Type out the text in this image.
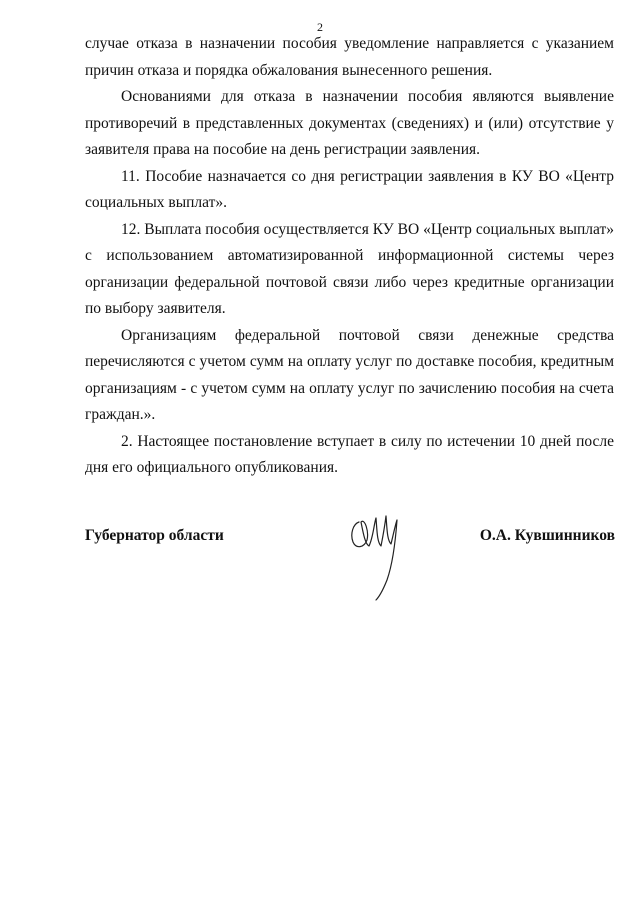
2

случае отказа в назначении пособия уведомление направляется с указанием причин отказа и порядка обжалования вынесенного решения.

Основаниями для отказа в назначении пособия являются выявление противоречий в представленных документах (сведениях) и (или) отсутствие у заявителя права на пособие на день регистрации заявления.

11. Пособие назначается со дня регистрации заявления в КУ ВО «Центр социальных выплат».

12. Выплата пособия осуществляется КУ ВО «Центр социальных выплат» с использованием автоматизированной информационной системы через организации федеральной почтовой связи либо через кредитные организации по выбору заявителя.

Организациям федеральной почтовой связи денежные средства перечисляются с учетом сумм на оплату услуг по доставке пособия, кредитным организациям - с учетом сумм на оплату услуг по зачислению пособия на счета граждан.».

2. Настоящее постановление вступает в силу по истечении 10 дней после дня его официального опубликования.

Губернатор области	О.А. Кувшинников
